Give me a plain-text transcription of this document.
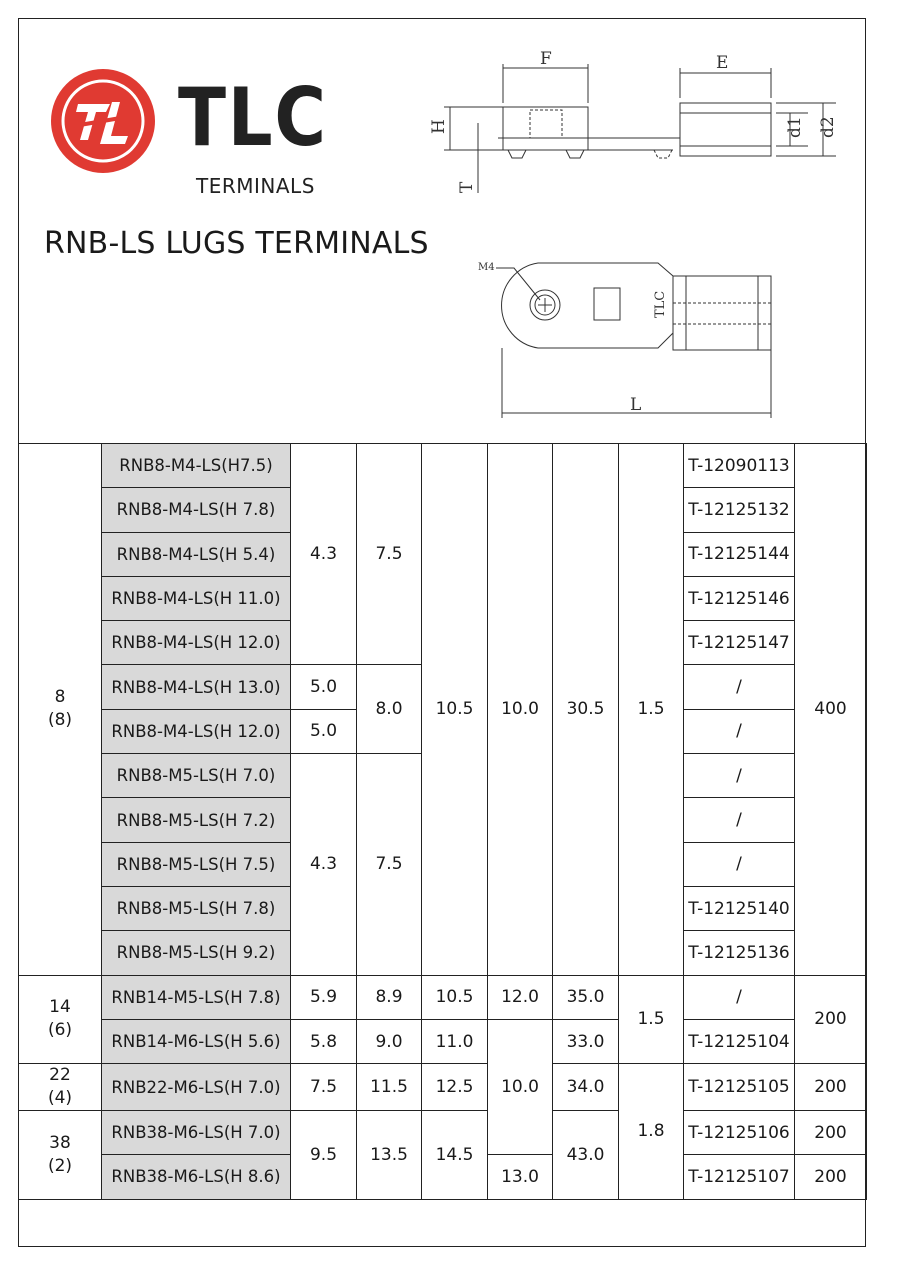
TLC
TERMINALS
RNB-LS LUGS TERMINALS
F	E
H
T
d1 d2
L
M4
TLC
8
(8)	RNB8-M4-LS(H7.5)	4.3	7.5	10.5	10.0	30.5	1.5	T-12090113	400
	RNB8-M4-LS(H 7.8)							T-12125132	
	RNB8-M4-LS(H 5.4)							T-12125144	
	RNB8-M4-LS(H 11.0)							T-12125146	
	RNB8-M4-LS(H 12.0)							T-12125147	
	RNB8-M4-LS(H 13.0)	5.0	8.0					/	
	RNB8-M4-LS(H 12.0)	5.0						/	
	RNB8-M5-LS(H 7.0)	4.3	7.5					/	
	RNB8-M5-LS(H 7.2)							/	
	RNB8-M5-LS(H 7.5)							/	
	RNB8-M5-LS(H 7.8)							T-12125140	
	RNB8-M5-LS(H 9.2)							T-12125136	
14
(6)	RNB14-M5-LS(H 7.8)	5.9	8.9	10.5	12.0	35.0	1.5	/	200
	RNB14-M6-LS(H 5.6)	5.8	9.0	11.0	10.0	33.0		T-12125104	
22
(4)	RNB22-M6-LS(H 7.0)	7.5	11.5	12.5		34.0	1.8	T-12125105	200
38
(2)	RNB38-M6-LS(H 7.0)	9.5	13.5	14.5		43.0		T-12125106	200
	RNB38-M6-LS(H 8.6)				13.0			T-12125107	200
